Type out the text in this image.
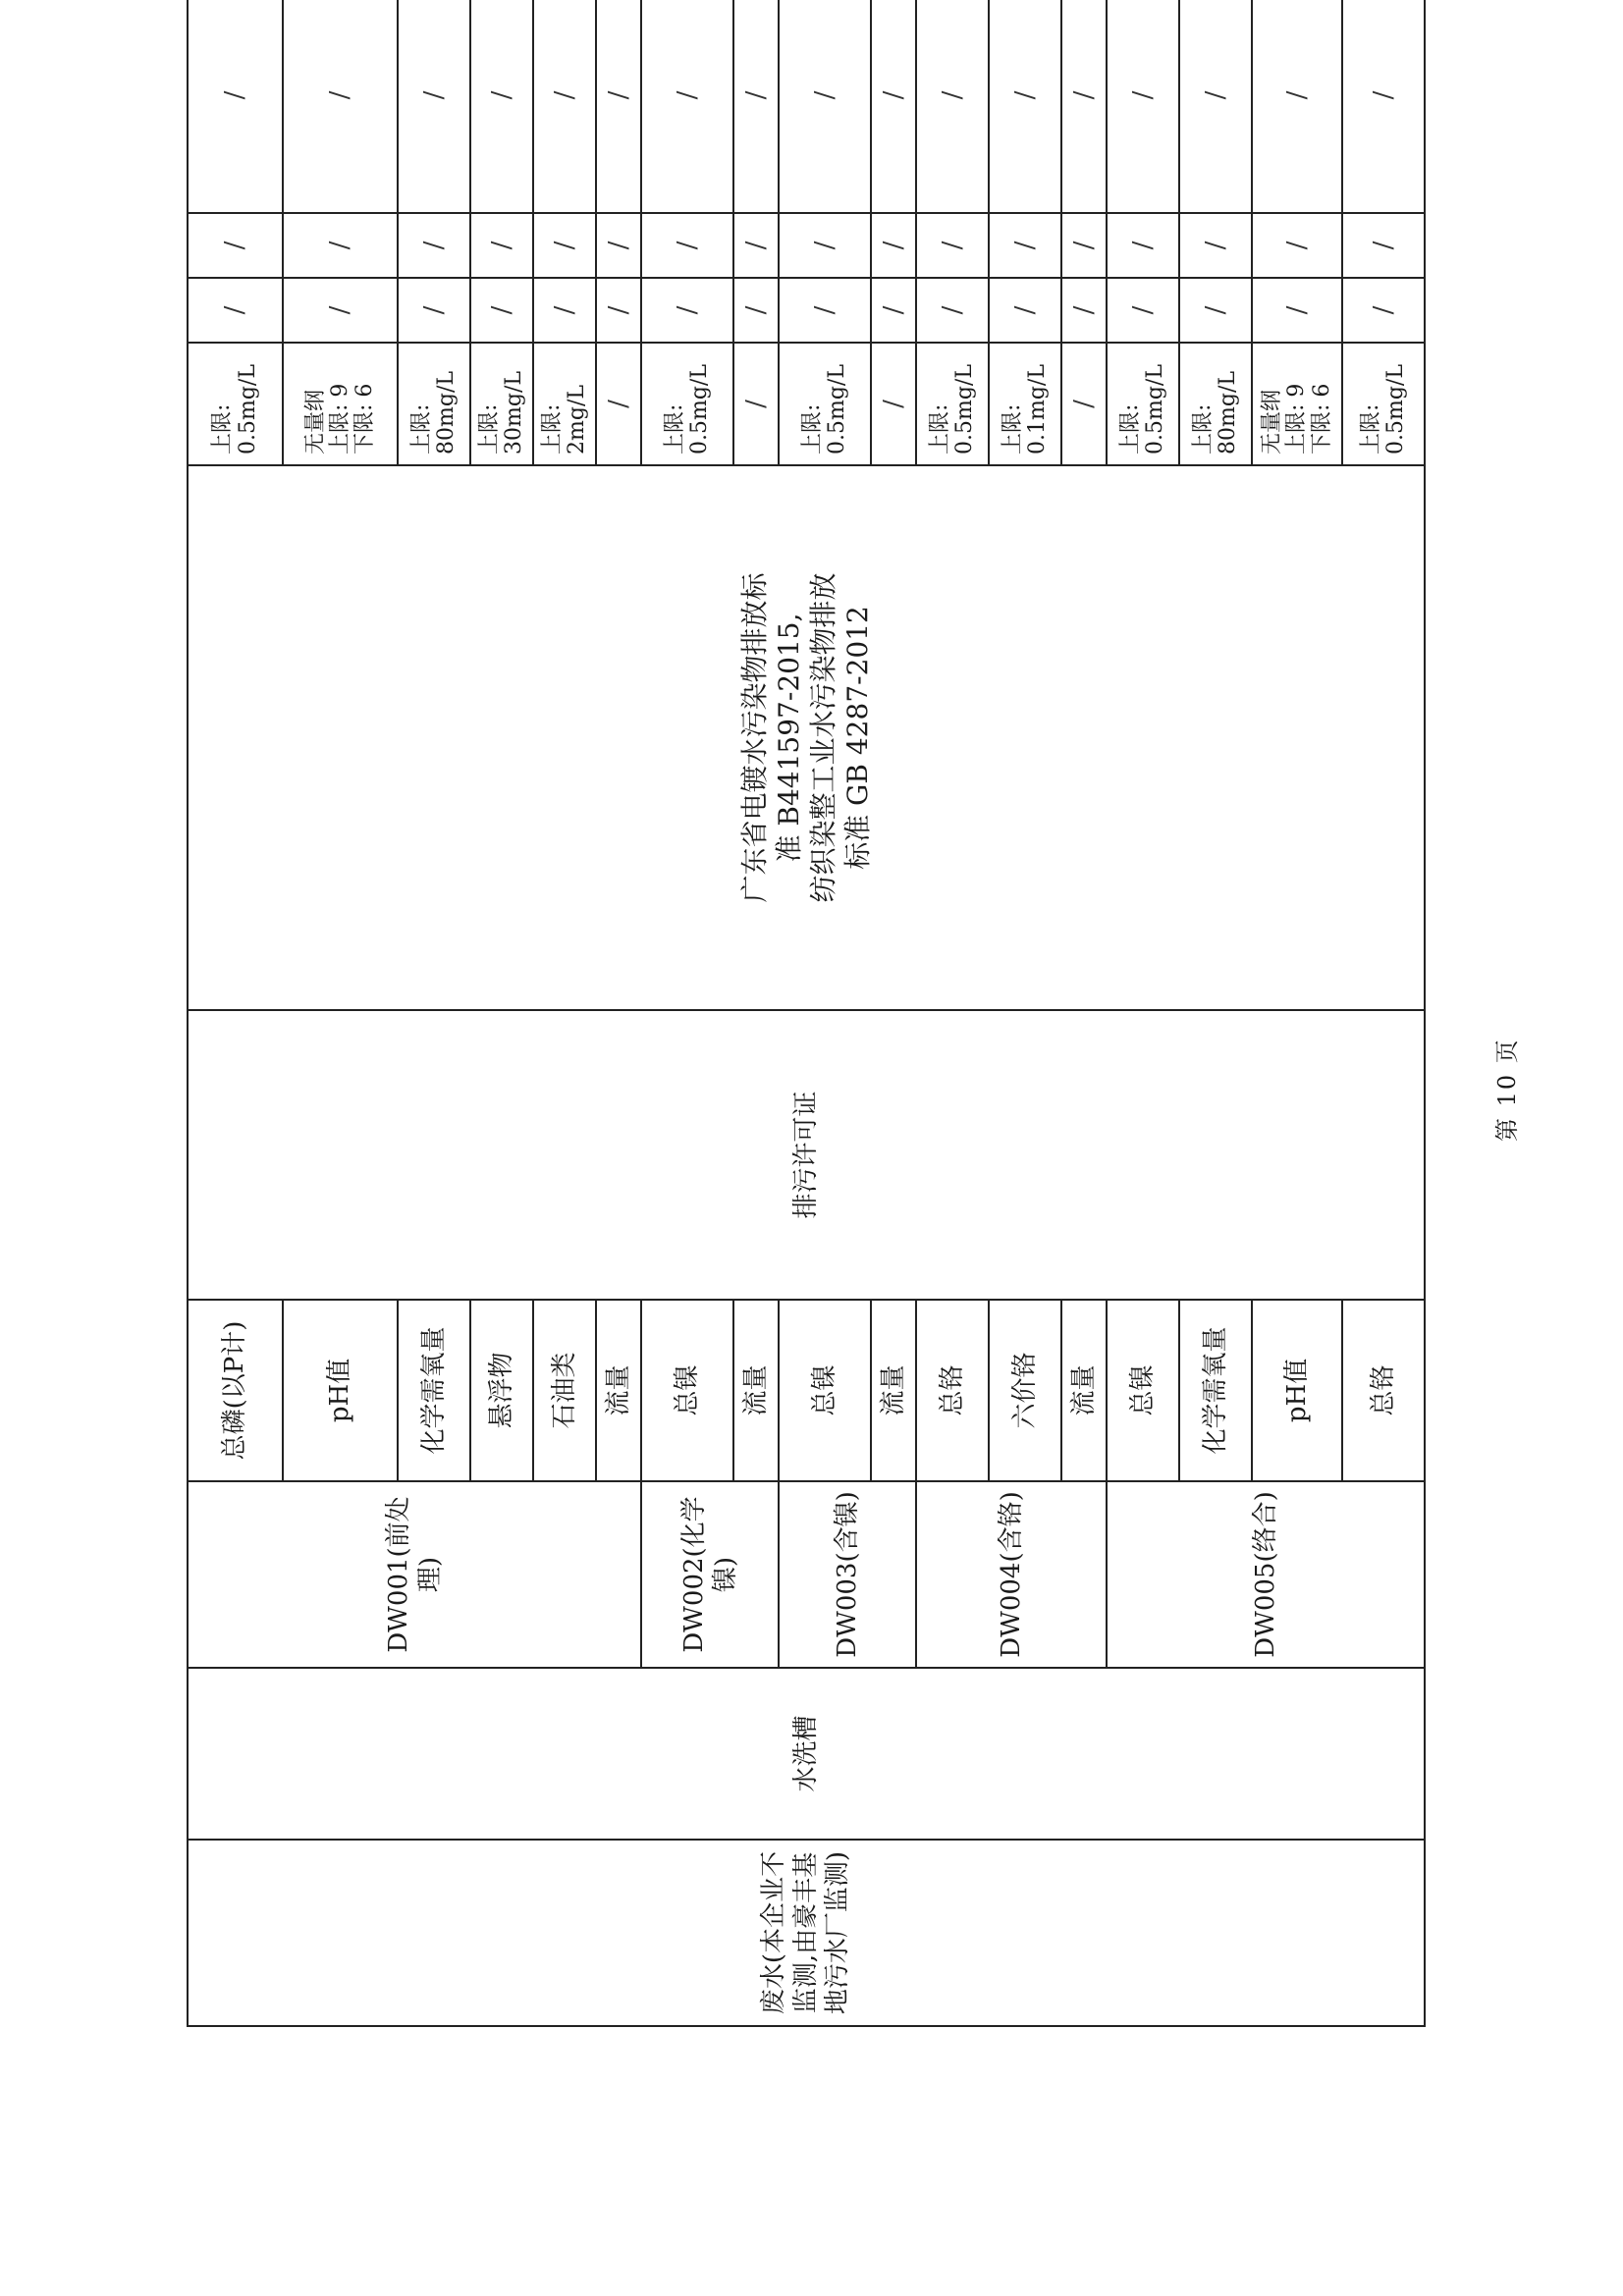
废水(本企业不监测,由豪丰基地污水厂监测)	水洗槽	DW001(前处理)	总磷(以P计)	排污许可证	广东省电镀水污染物排放标 准 B441597-2015, 纺织染整工业水污染物排放 标准 GB 4287-2012	上限: 0.5mg/L	/	/	/	
			pH值			无量纲 上限: 9 下限: 6	/	/	/	
			化学需氧量			上限: 80mg/L	/	/	/	
			悬浮物			上限: 30mg/L	/	/	/	
			石油类			上限: 2mg/L	/	/	/	
			流量			/	/	/	/	
		DW002(化学镍)	总镍			上限: 0.5mg/L	/	/	/	
			流量			/	/	/	/	
		DW003(含镍)	总镍			上限: 0.5mg/L	/	/	/	
			流量			/	/	/	/	
		DW004(含铬)	总铬			上限: 0.5mg/L	/	/	/	
			六价铬			上限: 0.1mg/L	/	/	/	
			流量			/	/	/	/	
		DW005(络合)	总镍			上限: 0.5mg/L	/	/	/	
			化学需氧量			上限: 80mg/L	/	/	/	
			pH值			无量纲 上限: 9 下限: 6	/	/	/	
			总铬			上限: 0.5mg/L	/	/	/	
第 10 页
